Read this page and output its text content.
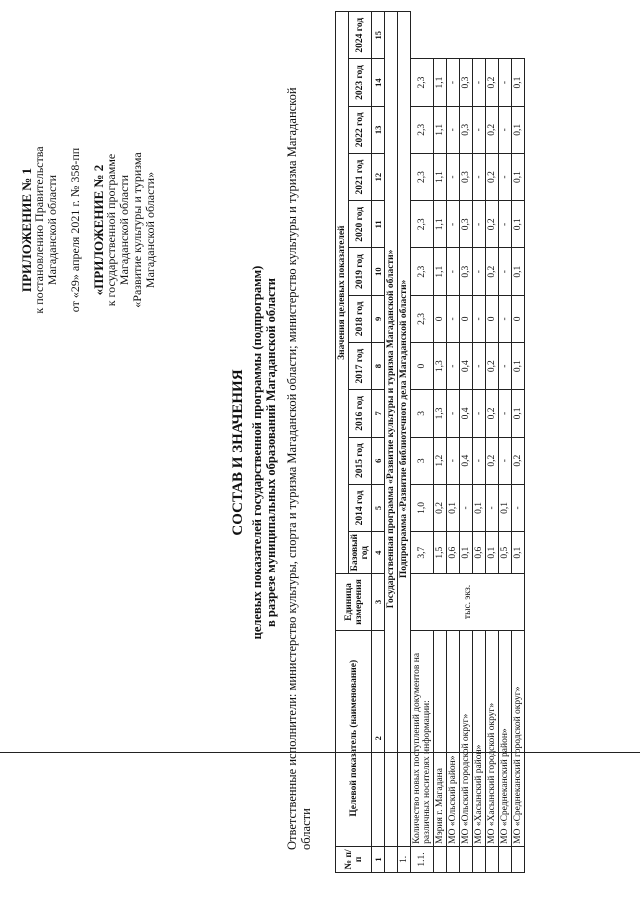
ПРИЛОЖЕНИЕ № 1
к постановлению Правительства Магаданской области от «29» апреля 2021 г. № 358-пп «ПРИЛОЖЕНИЕ № 2
к государственной программе Магаданской области «Развитие культуры и туризма Магаданской области»
СОСТАВ И ЗНАЧЕНИЯ целевых показателей государственной программы (подпрограмм) в разрезе муниципальных образований Магаданской области Ответственные исполнители: министерство культуры, спорта и туризма Магаданской области; министерство культуры и туризма Магаданской области
№ п/п	Целевой показатель (наименование)	Единица измерения	Значения целевых показателей											
			Базовый год	2014 год	2015 год	2016 год	2017 год	2018 год	2019 год	2020 год	2021 год	2022 год	2023 год	2024 год
1	2	3	4	5	6	7	8	9	10	11	12	13	14	15
	Государственная программа «Развитие культуры и туризма Магаданской области»													
1.	Подпрограмма «Развитие библиотечного дела Магаданской области»													
1.1.	Количество новых поступлений документов на различных носителях информации:	тыс. экз.	3,7	1,0	3	3	0	2,3	2,3	2,3	2,3	2,3	2,3	
	Мэрия г. Магадана		1,5	0,2	1,2	1,3	1,3	0	1,1	1,1	1,1	1,1	1,1	
	МО «Ольский район»		0,6	0,1	-	-	-	-	-	-	-	-	-	
	МО «Ольский городской округ»		0,1	-	0,4	0,4	0,4	0	0,3	0,3	0,3	0,3	0,3	
	МО «Хасынский район»		0,6	0,1	-	-	-	-	-	-	-	-	-	
	МО «Хасынский городской округ»		0,1	-	0,2	0,2	0,2	0	0,2	0,2	0,2	0,2	0,2	
	МО «Среднеканский район»		0,5	0,1	-	-	-	-	-	-	-	-	-	
	МО «Среднеканский городской округ»		0,1	-	0,2	0,1	0,1	0	0,1	0,1	0,1	0,1	0,1	
